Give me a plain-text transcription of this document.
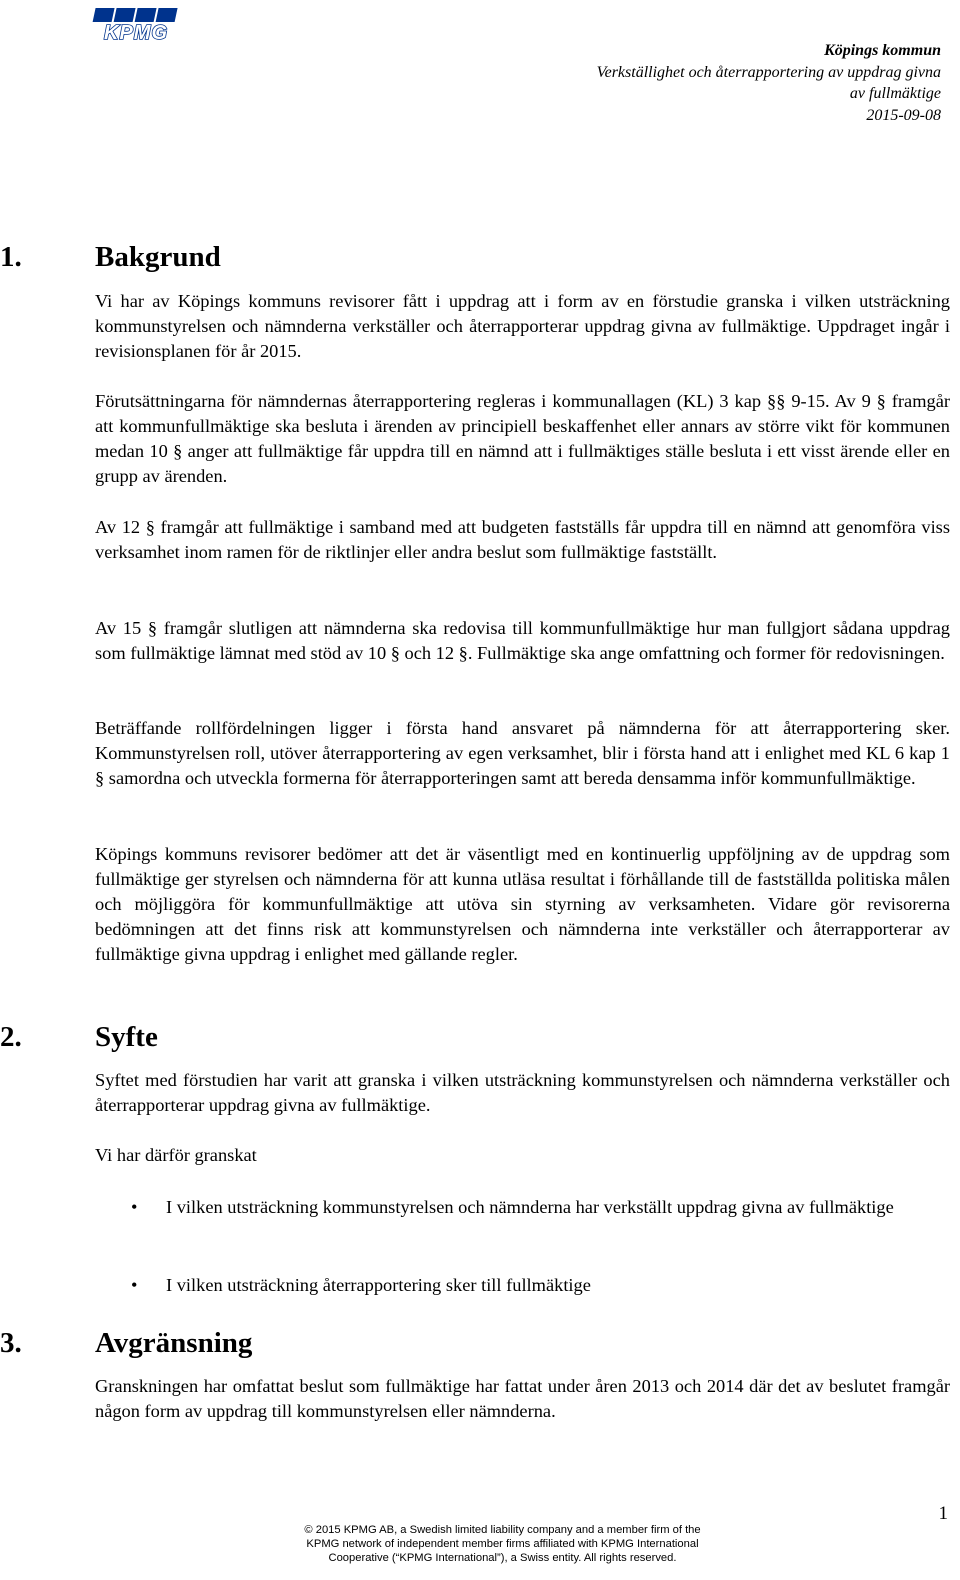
KPMG
Köpings kommun
Verkställighet och återrapportering av uppdrag givna
av fullmäktige
2015-09-08
1.	Bakgrund
Vi har av Köpings kommuns revisorer fått i uppdrag att i form av en förstudie granska i vilken utsträckning kommunstyrelsen och nämnderna verkställer och återrapporterar uppdrag givna av fullmäktige. Uppdraget ingår i revisionsplanen för år 2015.
Förutsättningarna för nämndernas återrapportering regleras i kommunallagen (KL) 3 kap §§ 9-15. Av 9 § framgår att kommunfullmäktige ska besluta i ärenden av principiell beskaffenhet eller annars av större vikt för kommunen medan 10 § anger att fullmäktige får uppdra till en nämnd att i fullmäktiges ställe besluta i ett visst ärende eller en grupp av ärenden.
Av 12 § framgår att fullmäktige i samband med att budgeten fastställs får uppdra till en nämnd att genomföra viss verksamhet inom ramen för de riktlinjer eller andra beslut som fullmäktige fastställt.
Av 15 § framgår slutligen att nämnderna ska redovisa till kommunfullmäktige hur man fullgjort sådana uppdrag som fullmäktige lämnat med stöd av 10 § och 12 §. Fullmäktige ska ange omfattning och former för redovisningen.
Beträffande rollfördelningen ligger i första hand ansvaret på nämnderna för att återrapportering sker. Kommunstyrelsen roll, utöver återrapportering av egen verksamhet, blir i första hand att i enlighet med KL 6 kap 1 § samordna och utveckla formerna för återrapporteringen samt att bereda densamma inför kommunfullmäktige.
Köpings kommuns revisorer bedömer att det är väsentligt med en kontinuerlig uppföljning av de uppdrag som fullmäktige ger styrelsen och nämnderna för att kunna utläsa resultat i förhållande till de fastställda politiska målen och möjliggöra för kommunfullmäktige att utöva sin styrning av verksamheten. Vidare gör revisorerna bedömningen att det finns risk att kommunstyrelsen och nämnderna inte verkställer och återrapporterar av fullmäktige givna uppdrag i enlighet med gällande regler.
2.	Syfte
Syftet med förstudien har varit att granska i vilken utsträckning kommunstyrelsen och nämnderna verkställer och återrapporterar uppdrag givna av fullmäktige.
Vi har därför granskat
• I vilken utsträckning kommunstyrelsen och nämnderna har verkställt uppdrag givna av fullmäktige
• I vilken utsträckning återrapportering sker till fullmäktige
3.	Avgränsning
Granskningen har omfattat beslut som fullmäktige har fattat under åren 2013 och 2014 där det av beslutet framgår någon form av uppdrag till kommunstyrelsen eller nämnderna.
1
© 2015 KPMG AB, a Swedish limited liability company and a member firm of the
KPMG network of independent member firms affiliated with KPMG International
Cooperative (“KPMG International”), a Swiss entity. All rights reserved.
